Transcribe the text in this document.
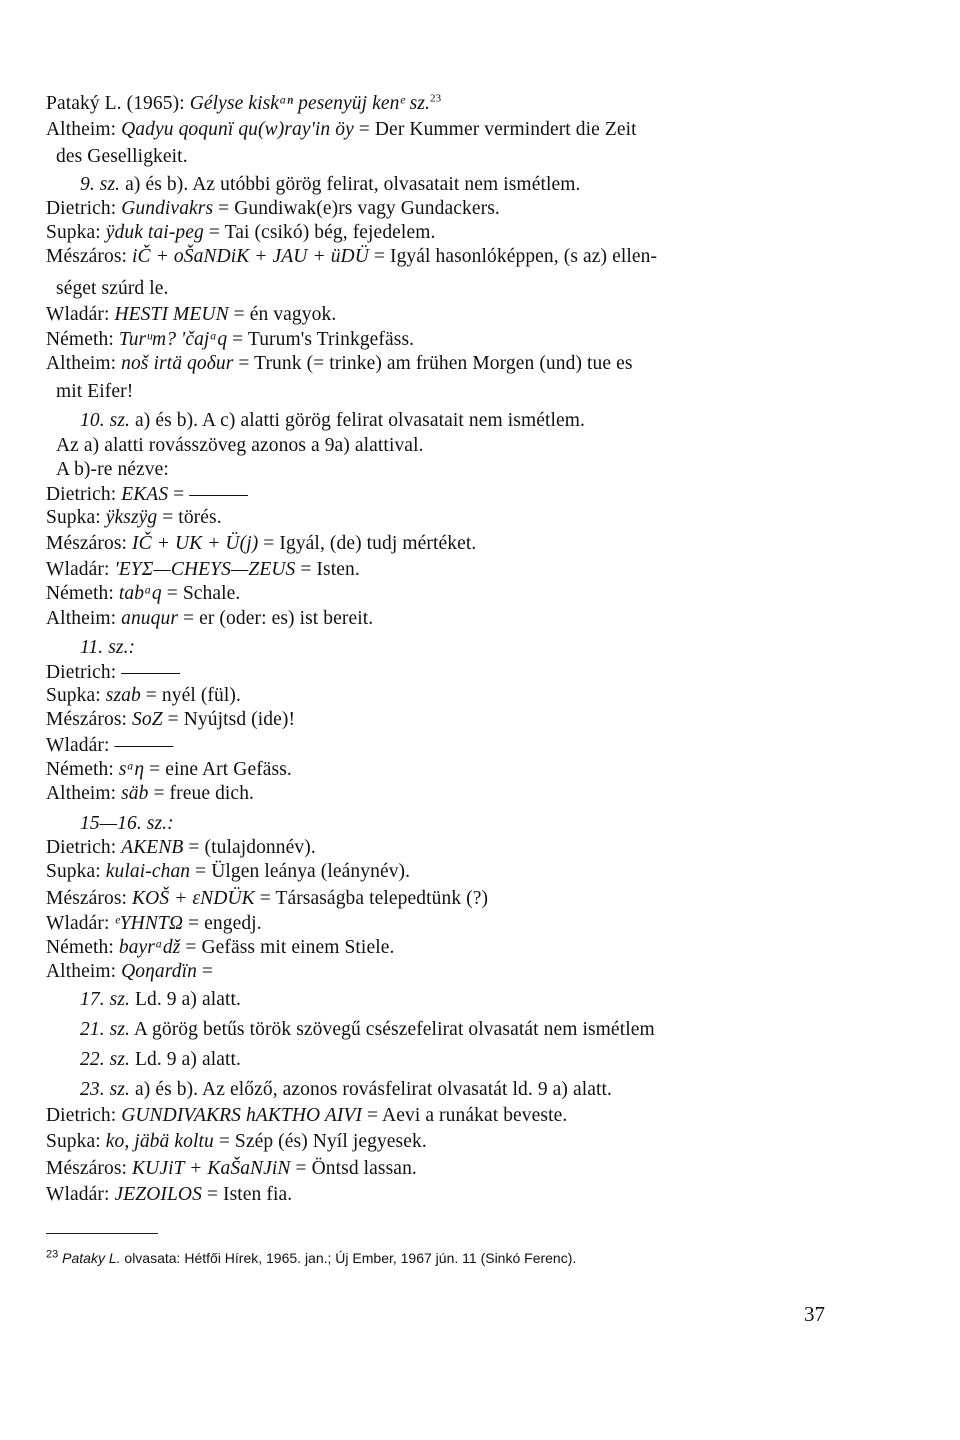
Pataký L. (1965): Gélyse kiskᵃⁿ pesenyüj kenᵉ sz.$^{23}$
Altheim: Qadyu qoqunï qu(w)ray'in öy = Der Kummer vermindert die Zeit
des Geselligkeit.
9. sz. a) és b). Az utóbbi görög felirat, olvasatait nem ismétlem.
Dietrich: Gundivakrs = Gundiwak(e)rs vagy Gundackers.
Supka: ÿduk tai-peg = Tai (csikó) bég, fejedelem.
Mészáros: iČ + oŠaNDiK + JAU + üDÜ = Igyál hasonlóképpen, (s az) ellen-
séget szúrd le.
Wladár: HESTI MEUN = én vagyok.
Németh: Turᵘm? 'čajᵃq = Turum's Trinkgefäss.
Altheim: noš irtä qoδur = Trunk (= trinke) am frühen Morgen (und) tue es
mit Eifer!
10. sz. a) és b). A c) alatti görög felirat olvasatait nem ismétlem.
Az a) alatti rovásszöveg azonos a 9a) alattival.
A b)-re nézve:
Dietrich: EKAS = ———
Supka: ÿkszÿg = törés.
Mészáros: IČ + UK + Ü(j) = Igyál, (de) tudj mértéket.
Wladár: 'EYΣ—CHEYS—ZEUS = Isten.
Németh: tabᵃq = Schale.
Altheim: anuqur = er (oder: es) ist bereit.
11. sz.:
Dietrich: ———
Supka: szab = nyél (fül).
Mészáros: SoZ = Nyújtsd (ide)!
Wladár: ———
Németh: sᵃη = eine Art Gefäss.
Altheim: säb = freue dich.
15—16. sz.:
Dietrich: AKENB = (tulajdonnév).
Supka: kulai-chan = Ülgen leánya (leánynév).
Mészáros: KOŠ + εNDÜK = Társaságba telepedtünk (?)
Wladár: ᵉYHNTΩ = engedj.
Németh: bayrᵃdž = Gefäss mit einem Stiele.
Altheim: Qoηardïn =
17. sz. Ld. 9 a) alatt.
21. sz. A görög betűs török szövegű csészefelirat olvasatát nem ismétlem
22. sz. Ld. 9 a) alatt.
23. sz. a) és b). Az előző, azonos rovásfelirat olvasatát ld. 9 a) alatt.
Dietrich: GUNDIVAKRS hAKTHO AIVI = Aevi a runákat beveste.
Supka: ko, jäbä koltu = Szép (és) Nyíl jegyesek.
Mészáros: KUJiT + KaŠaNJiN = Öntsd lassan.
Wladár: JEZOILOS = Isten fia.
$^{23}$ Pataky L. olvasata: Hétfői Hírek, 1965. jan.; Új Ember, 1967 jún. 11 (Sinkó Ferenc).
37
